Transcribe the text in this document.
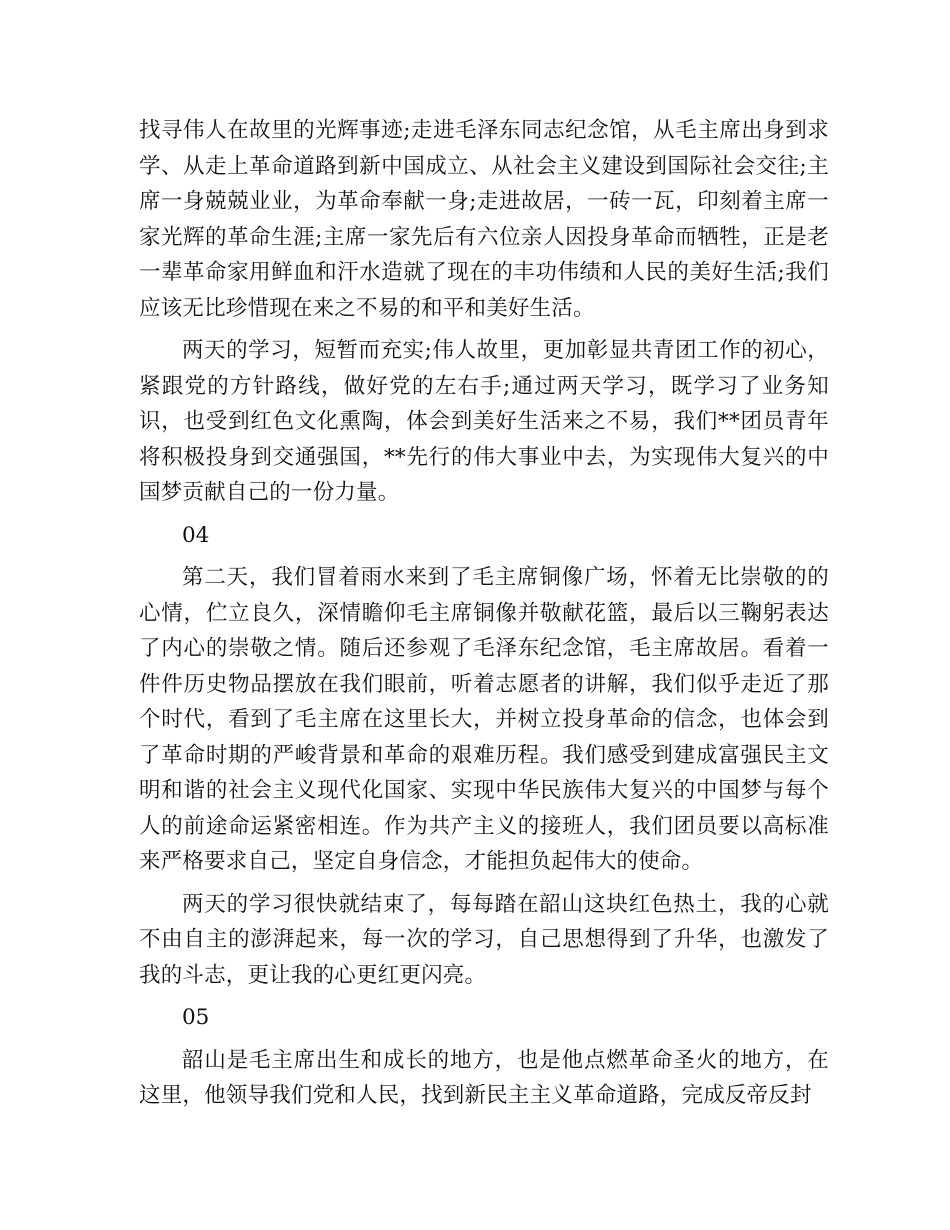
找寻伟人在故里的光辉事迹;走进毛泽东同志纪念馆，从毛主席出身到求学、从走上革命道路到新中国成立、从社会主义建设到国际社会交往;主席一身兢兢业业，为革命奉献一身;走进故居，一砖一瓦，印刻着主席一家光辉的革命生涯;主席一家先后有六位亲人因投身革命而牺牲，正是老一辈革命家用鲜血和汗水造就了现在的丰功伟绩和人民的美好生活;我们应该无比珍惜现在来之不易的和平和美好生活。

两天的学习，短暂而充实;伟人故里，更加彰显共青团工作的初心，紧跟党的方针路线，做好党的左右手;通过两天学习，既学习了业务知识，也受到红色文化熏陶，体会到美好生活来之不易，我们**团员青年将积极投身到交通强国，**先行的伟大事业中去，为实现伟大复兴的中国梦贡献自己的一份力量。

04

第二天，我们冒着雨水来到了毛主席铜像广场，怀着无比崇敬的的心情，伫立良久，深情瞻仰毛主席铜像并敬献花篮，最后以三鞠躬表达了内心的崇敬之情。随后还参观了毛泽东纪念馆，毛主席故居。看着一件件历史物品摆放在我们眼前，听着志愿者的讲解，我们似乎走近了那个时代，看到了毛主席在这里长大，并树立投身革命的信念，也体会到了革命时期的严峻背景和革命的艰难历程。我们感受到建成富强民主文明和谐的社会主义现代化国家、实现中华民族伟大复兴的中国梦与每个人的前途命运紧密相连。作为共产主义的接班人，我们团员要以高标准来严格要求自己，坚定自身信念，才能担负起伟大的使命。

两天的学习很快就结束了，每每踏在韶山这块红色热土，我的心就不由自主的澎湃起来，每一次的学习，自己思想得到了升华，也激发了我的斗志，更让我的心更红更闪亮。

05

韶山是毛主席出生和成长的地方，也是他点燃革命圣火的地方，在这里，他领导我们党和人民，找到新民主主义革命道路，完成反帝反封
